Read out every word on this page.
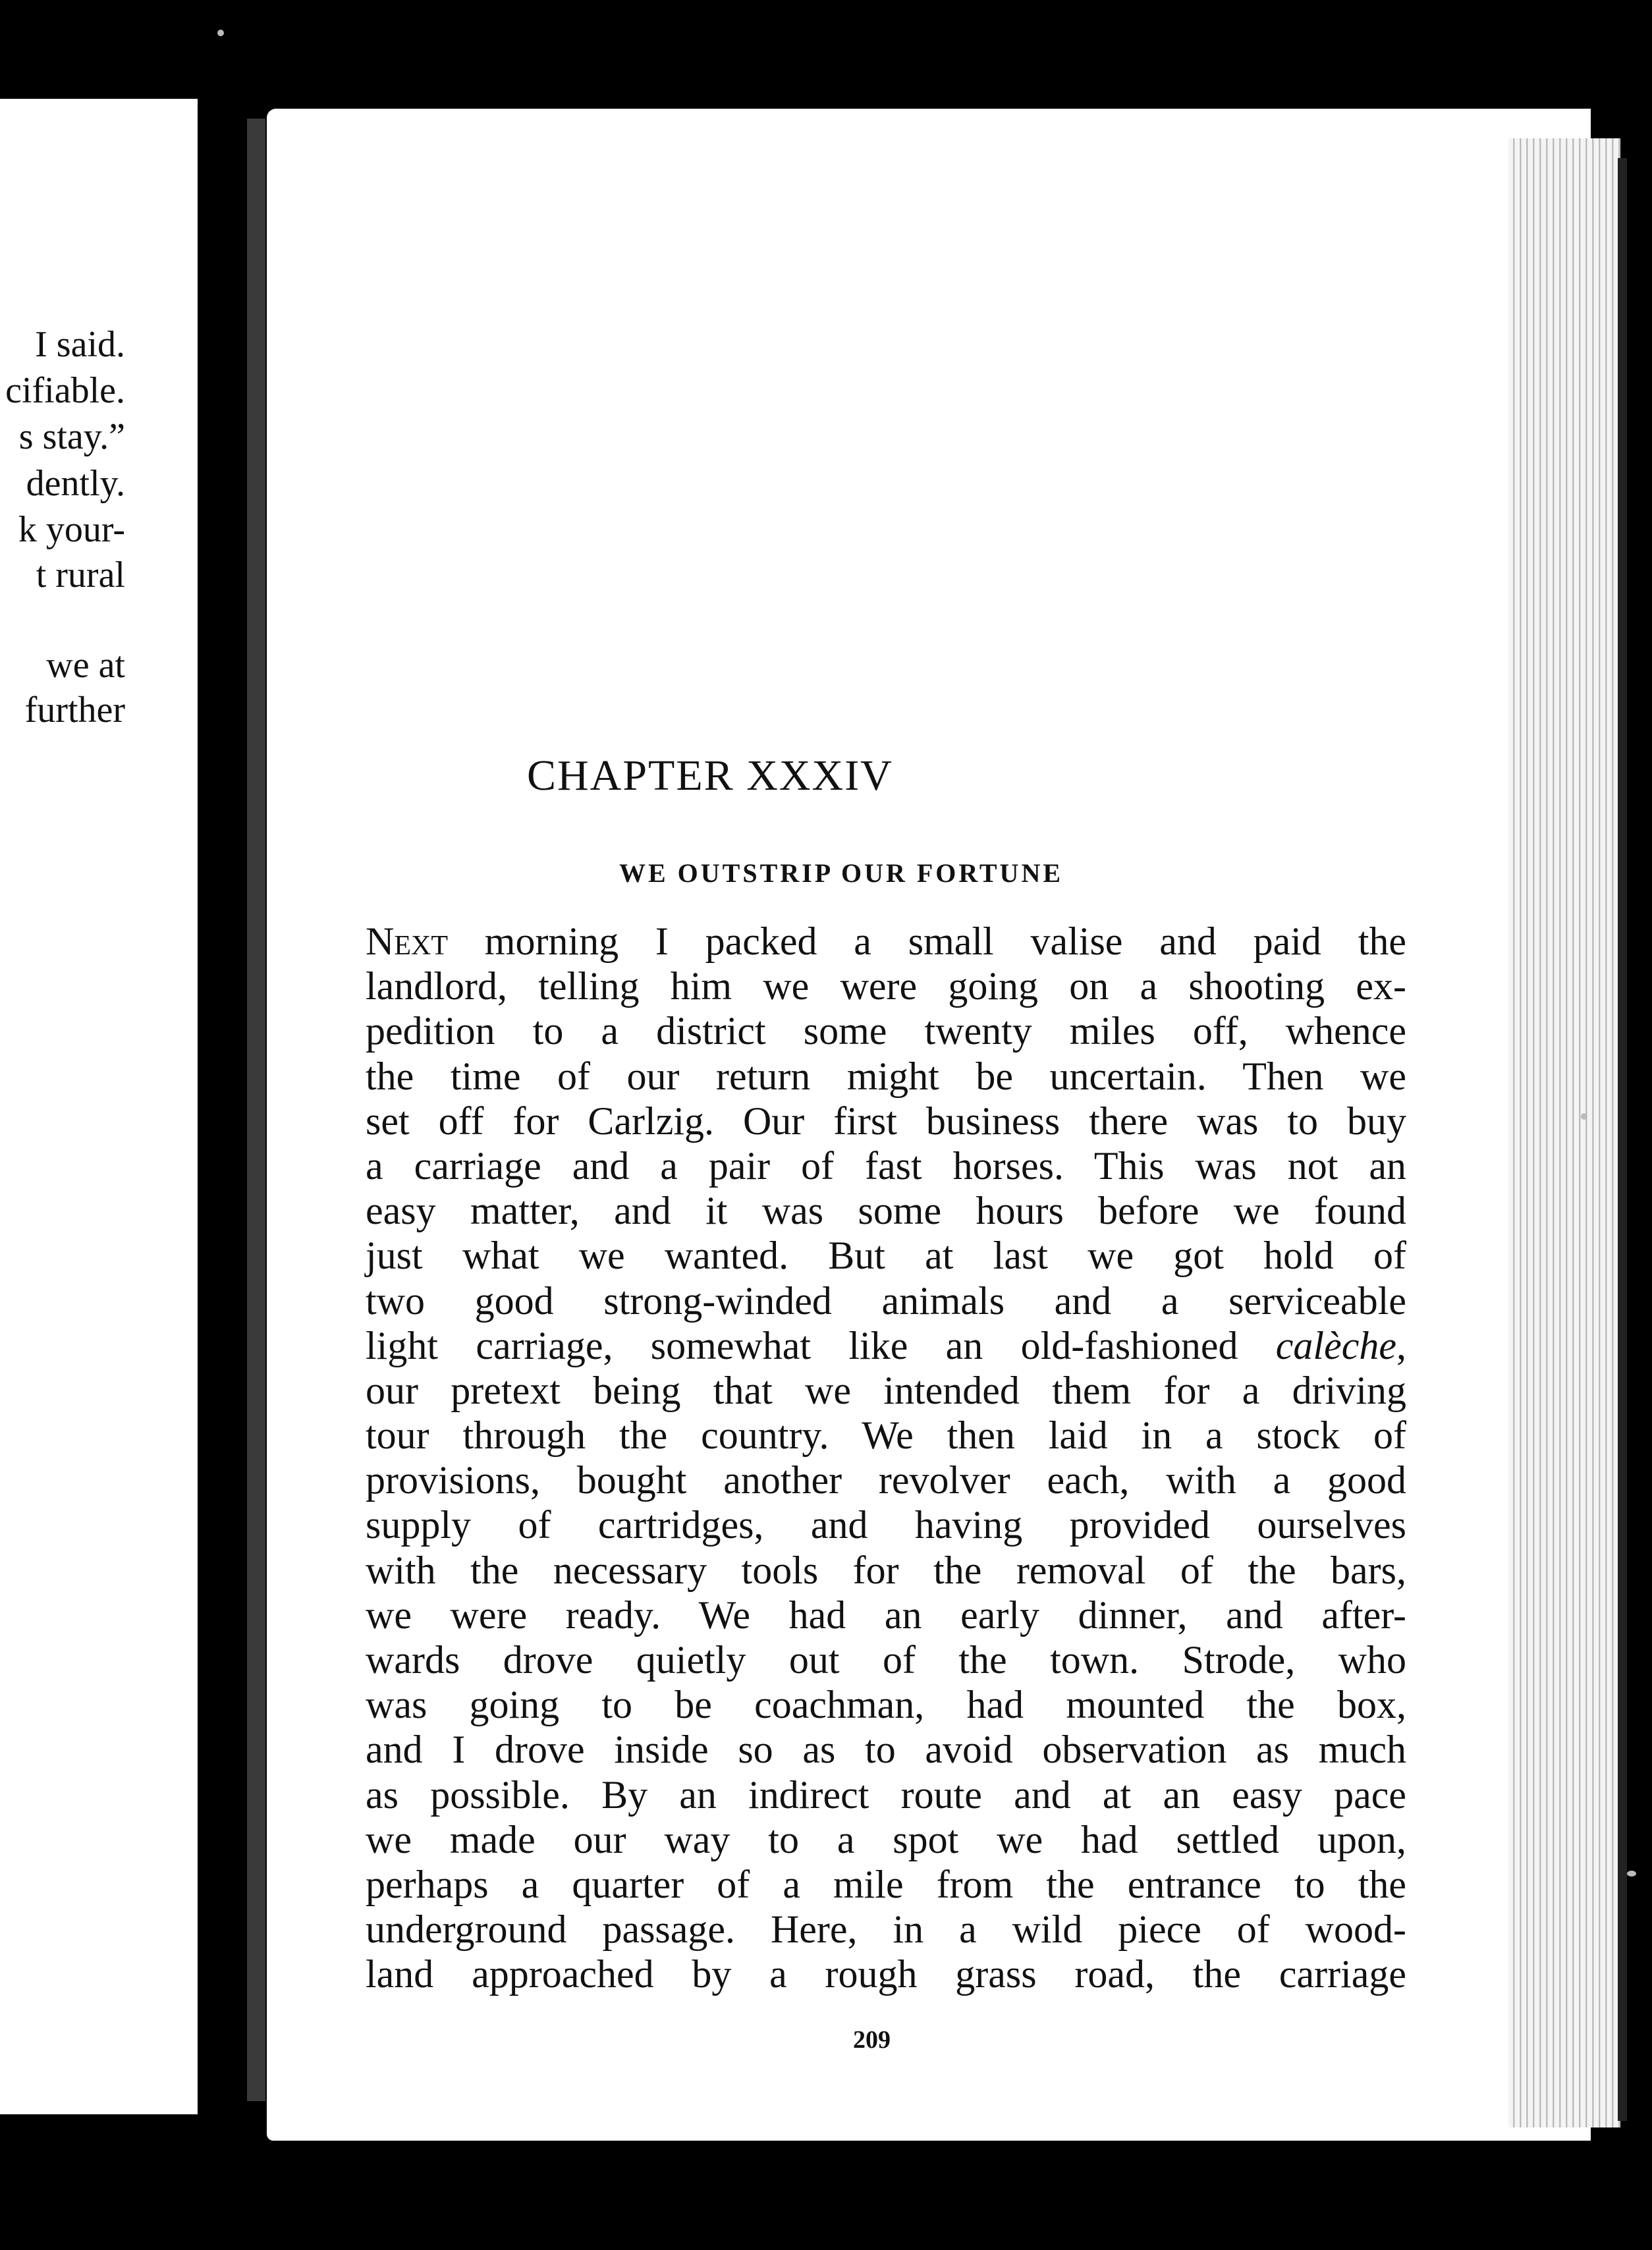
I said.
cifiable.
s stay.”
dently.
k your-
t rural
we at
further
CHAPTER XXXIV
WE OUTSTRIP OUR FORTUNE
Next morning I packed a small valise and paid the
landlord, telling him we were going on a shooting ex-
pedition to a district some twenty miles off, whence
the time of our return might be uncertain. Then we
set off for Carlzig. Our first business there was to buy
a carriage and a pair of fast horses. This was not an
easy matter, and it was some hours before we found
just what we wanted. But at last we got hold of
two good strong-winded animals and a serviceable
light carriage, somewhat like an old-fashioned calèche,
our pretext being that we intended them for a driving
tour through the country. We then laid in a stock of
provisions, bought another revolver each, with a good
supply of cartridges, and having provided ourselves
with the necessary tools for the removal of the bars,
we were ready. We had an early dinner, and after-
wards drove quietly out of the town. Strode, who
was going to be coachman, had mounted the box,
and I drove inside so as to avoid observation as much
as possible. By an indirect route and at an easy pace
we made our way to a spot we had settled upon,
perhaps a quarter of a mile from the entrance to the
underground passage. Here, in a wild piece of wood-
land approached by a rough grass road, the carriage
209
